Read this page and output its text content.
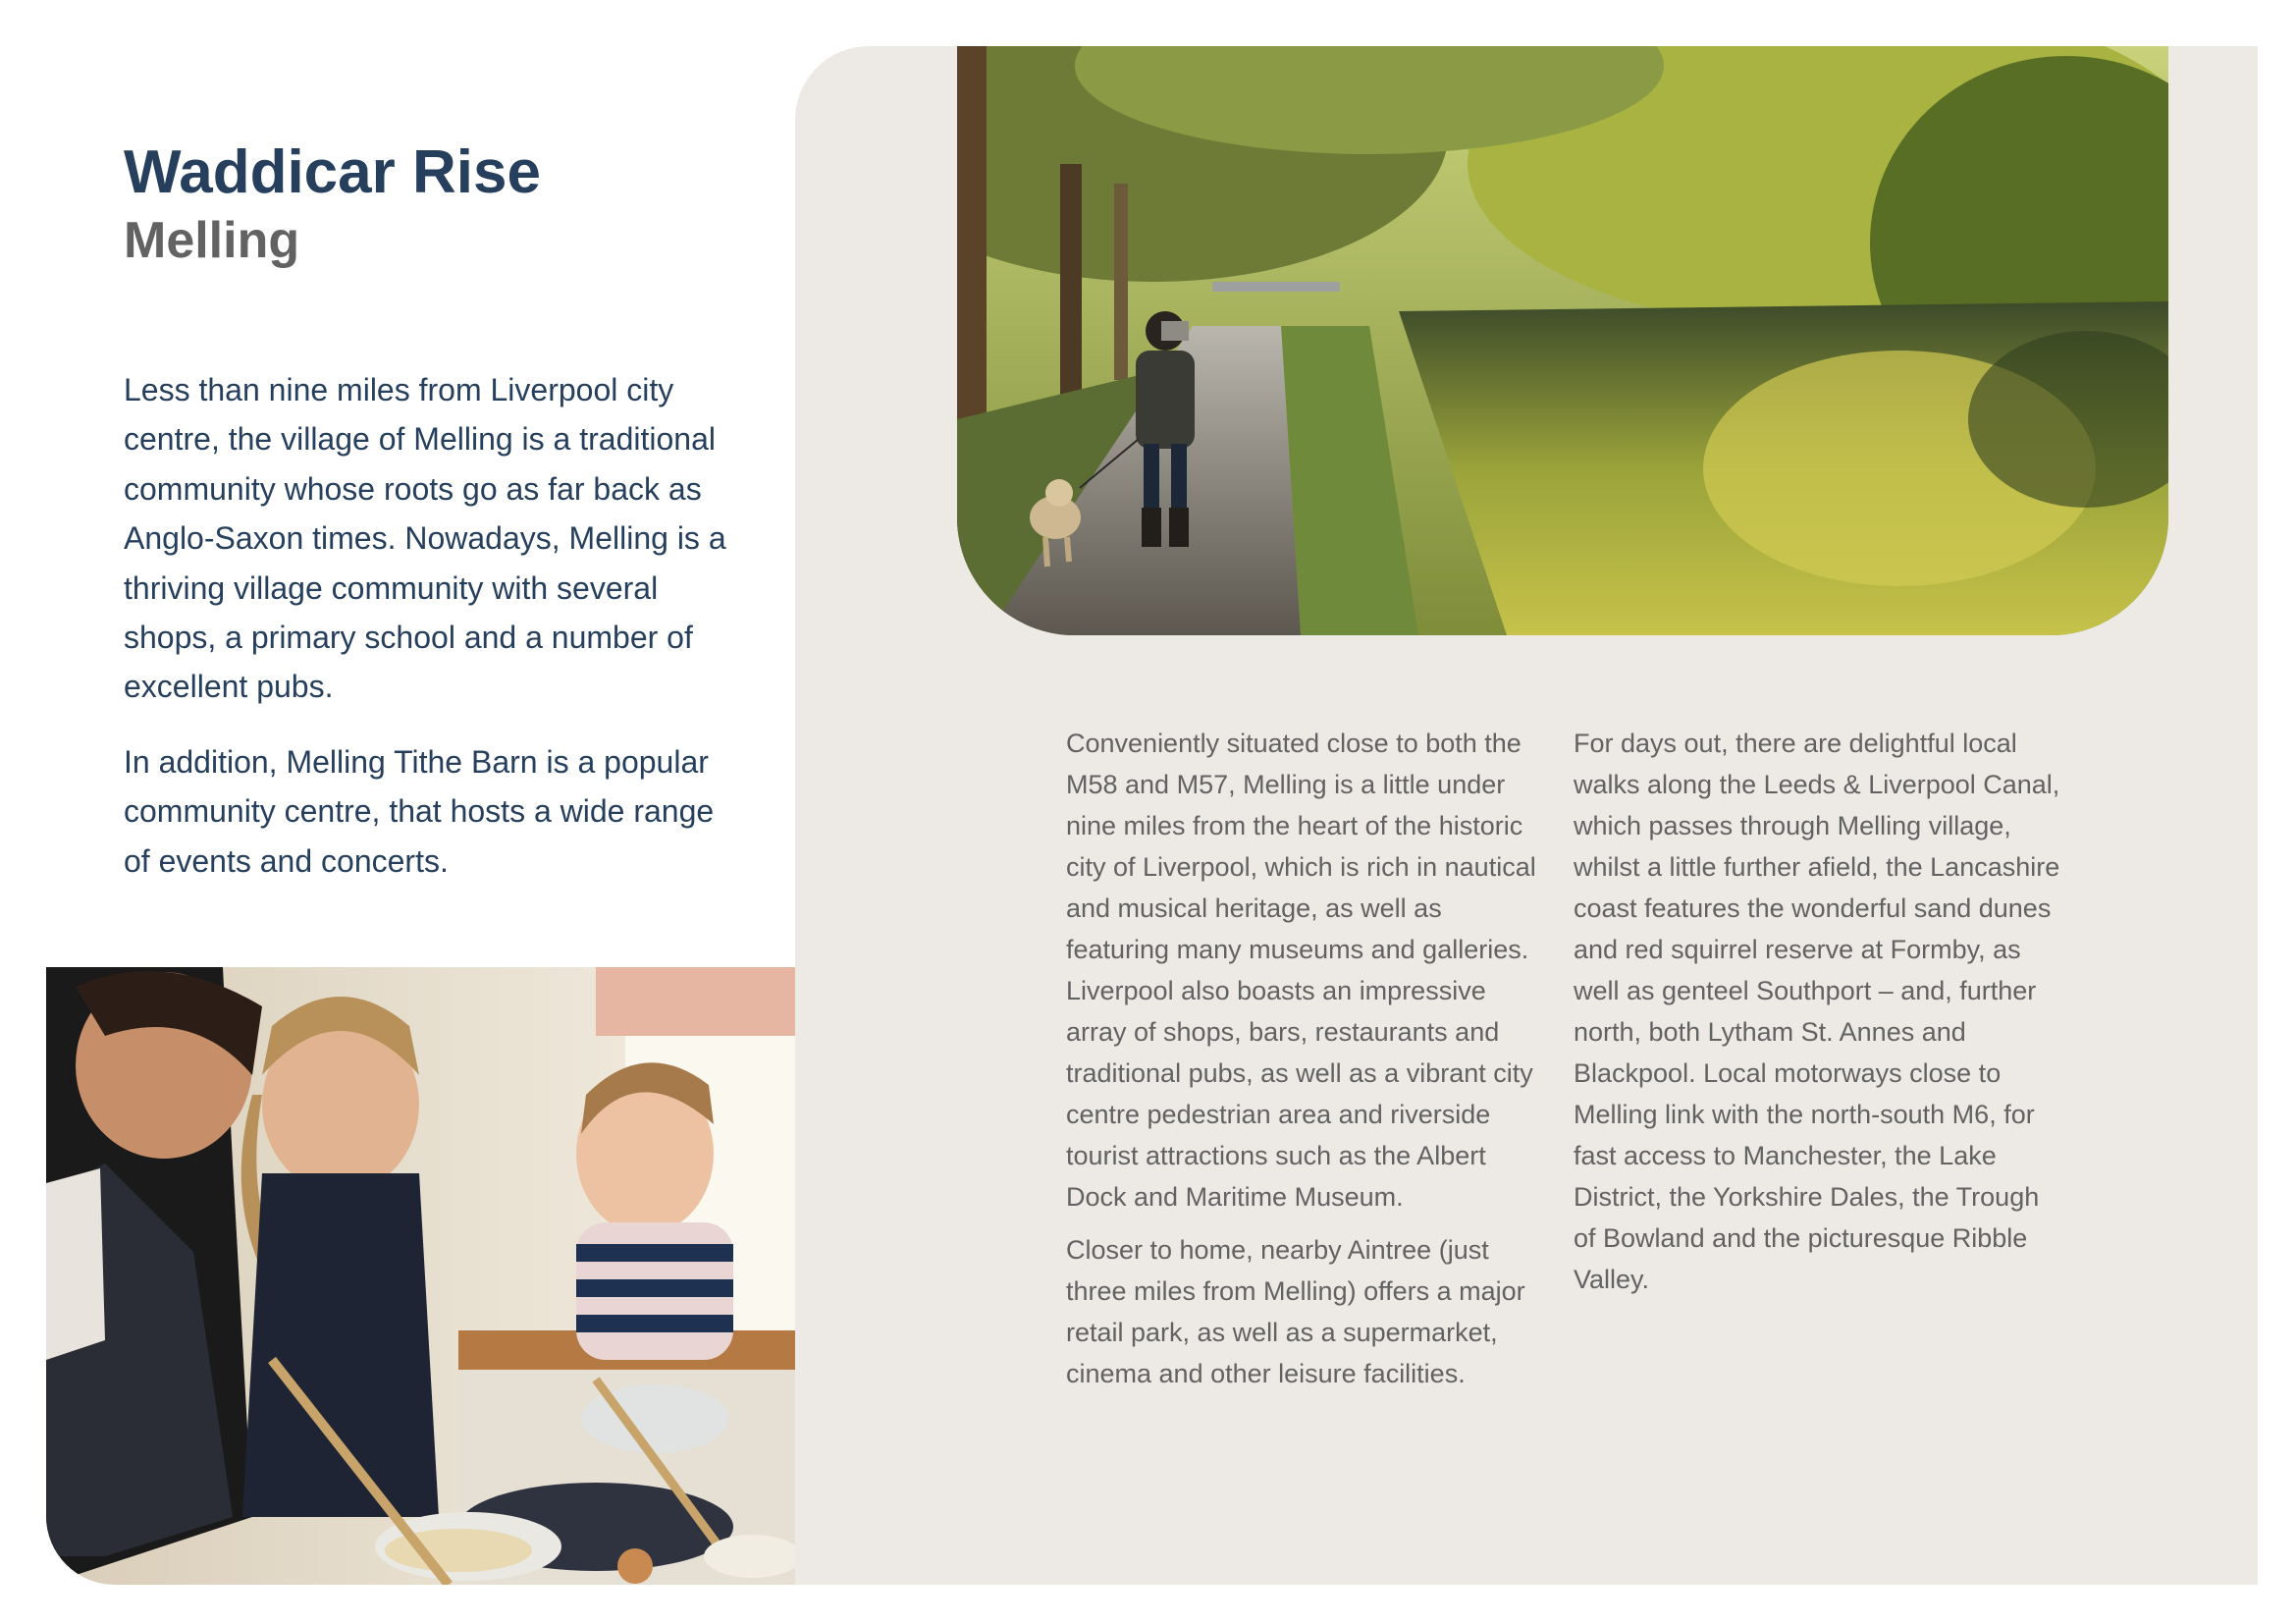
Waddicar Rise
Melling

Less than nine miles from Liverpool city centre, the village of Melling is a traditional community whose roots go as far back as Anglo-Saxon times. Nowadays, Melling is a thriving village community with several shops, a primary school and a number of excellent pubs.

In addition, Melling Tithe Barn is a popular community centre, that hosts a wide range of events and concerts.

Conveniently situated close to both the M58 and M57, Melling is a little under nine miles from the heart of the historic city of Liverpool, which is rich in nautical and musical heritage, as well as featuring many museums and galleries. Liverpool also boasts an impressive array of shops, bars, restaurants and traditional pubs, as well as a vibrant city centre pedestrian area and riverside tourist attractions such as the Albert Dock and Maritime Museum.

Closer to home, nearby Aintree (just three miles from Melling) offers a major retail park, as well as a supermarket, cinema and other leisure facilities.

For days out, there are delightful local walks along the Leeds & Liverpool Canal, which passes through Melling village, whilst a little further afield, the Lancashire coast features the wonderful sand dunes and red squirrel reserve at Formby, as well as genteel Southport – and, further north, both Lytham St. Annes and Blackpool. Local motorways close to Melling link with the north-south M6, for fast access to Manchester, the Lake District, the Yorkshire Dales, the Trough of Bowland and the picturesque Ribble Valley.
